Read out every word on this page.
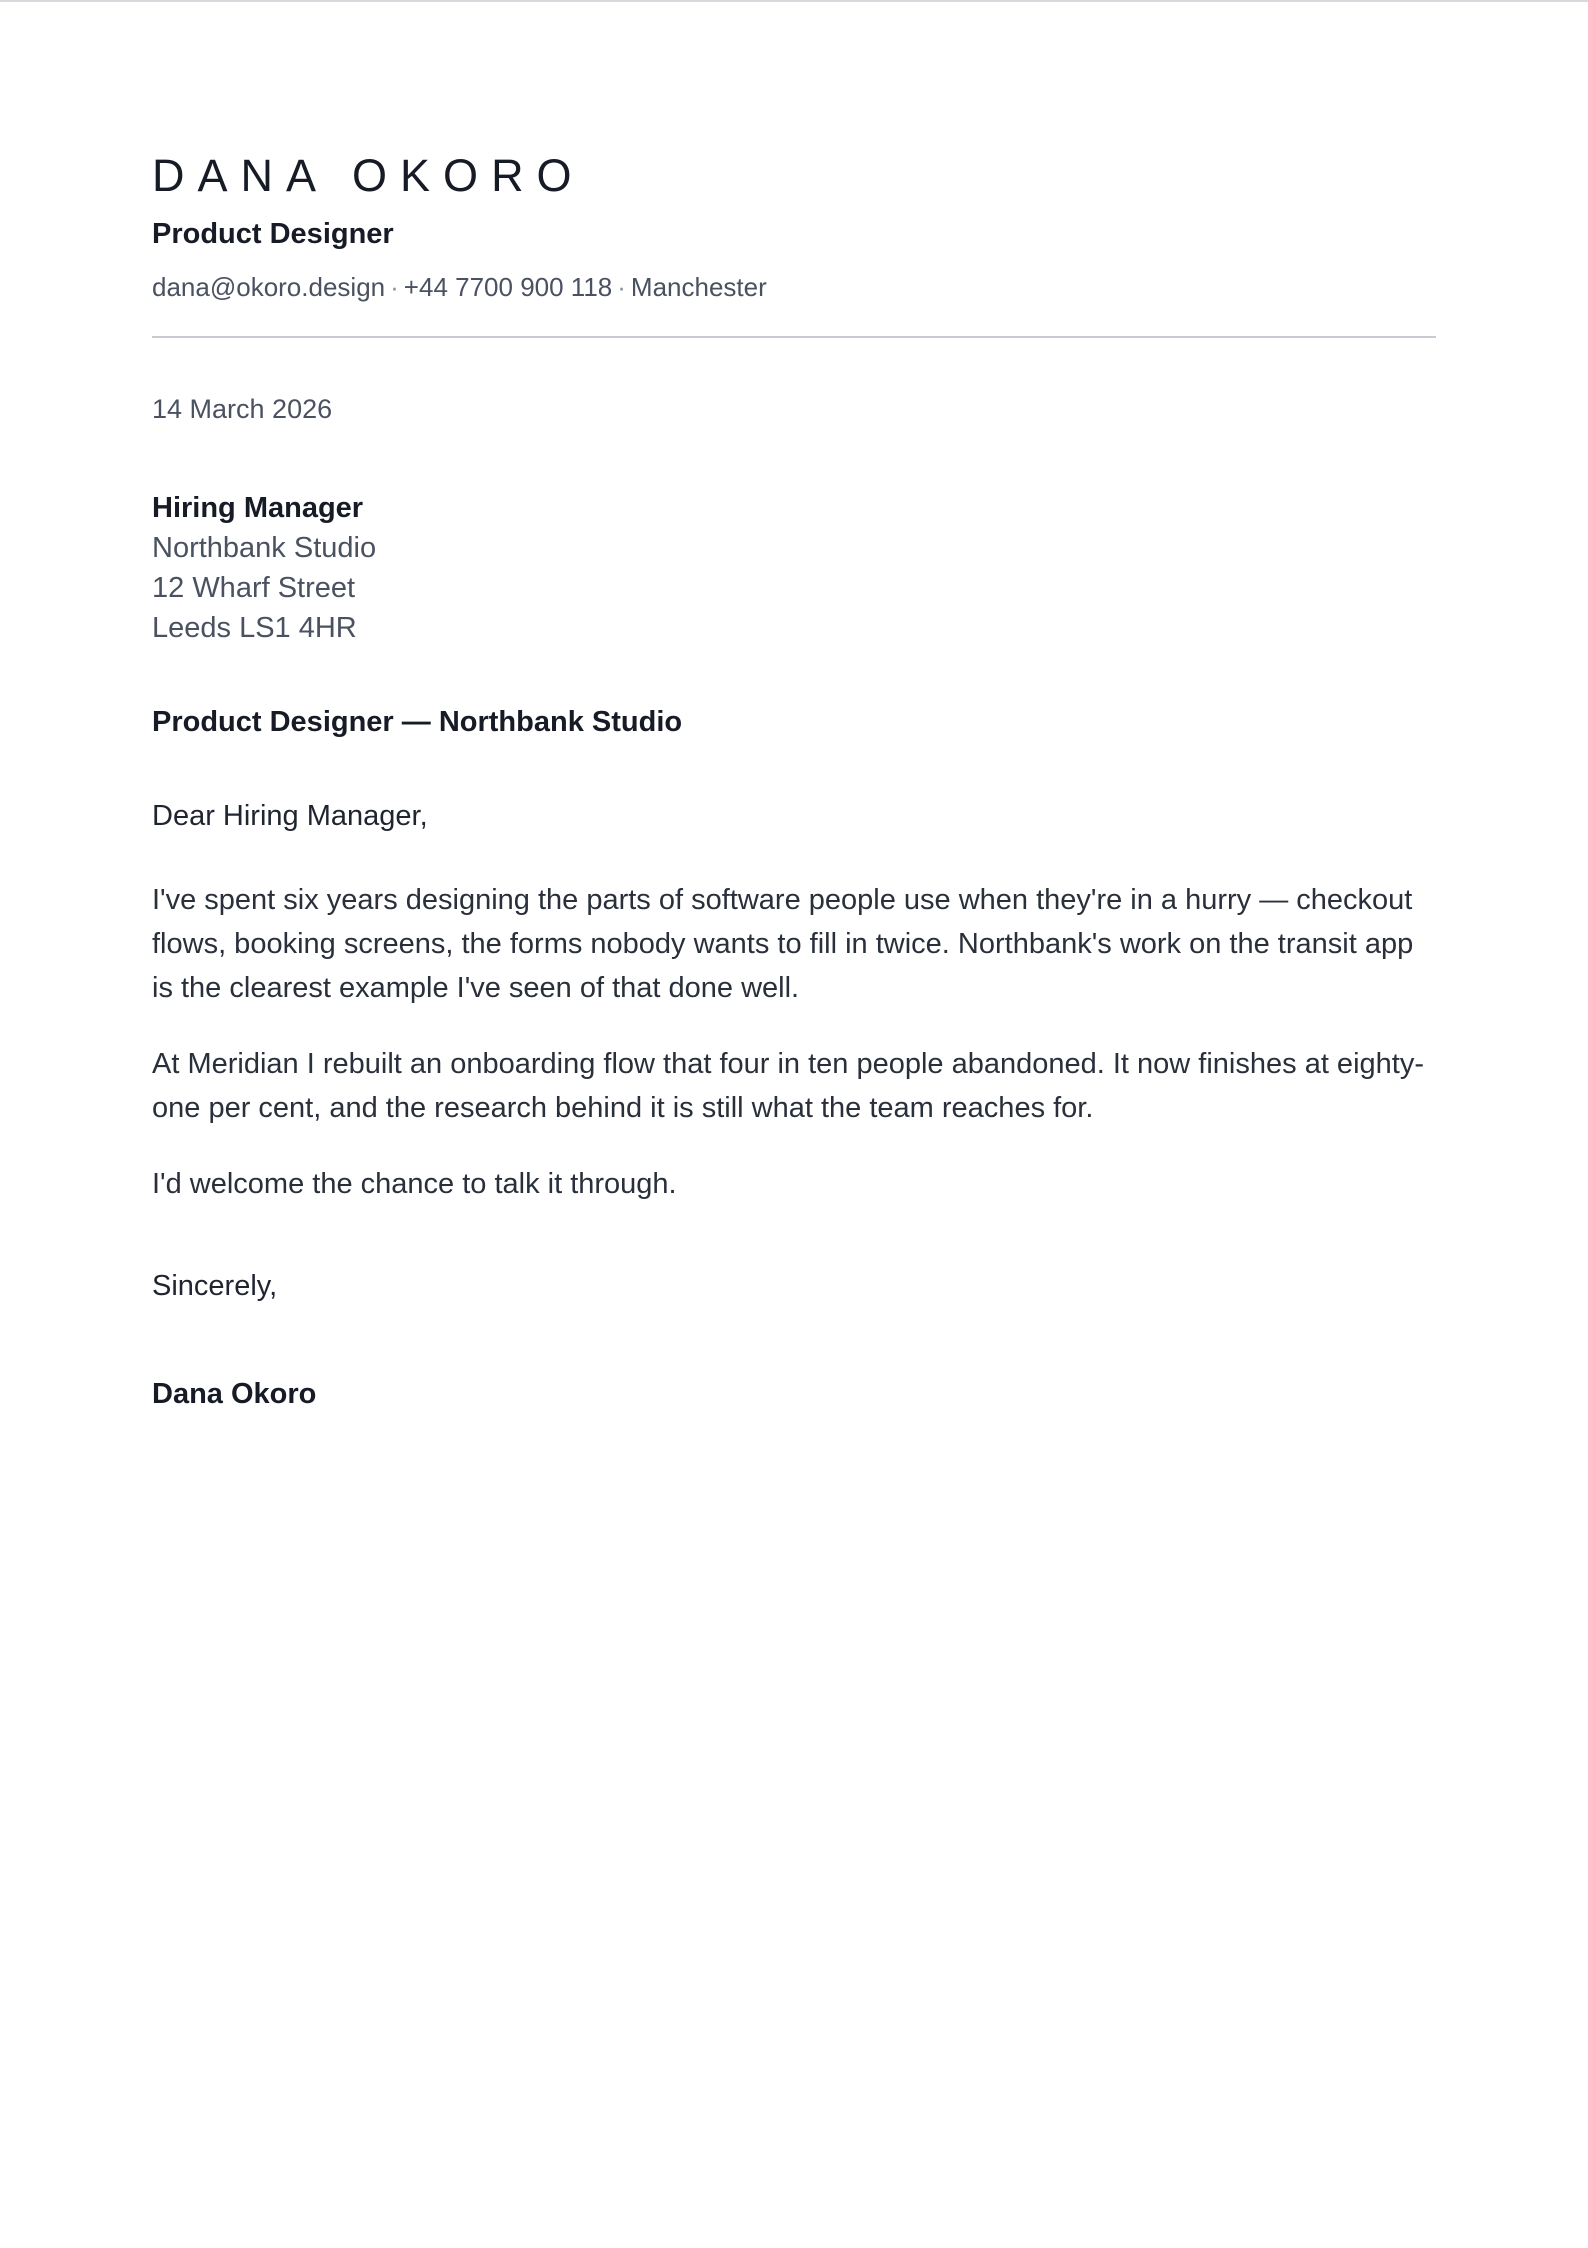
DANA OKORO
Product Designer
dana@okoro.design · +44 7700 900 118 · Manchester
14 March 2026
Hiring Manager
Northbank Studio
12 Wharf Street
Leeds LS1 4HR
Product Designer — Northbank Studio
Dear Hiring Manager,

I've spent six years designing the parts of software people use when they're in a hurry — checkout flows, booking screens, the forms nobody wants to fill in twice. Northbank's work on the transit app is the clearest example I've seen of that done well.

At Meridian I rebuilt an onboarding flow that four in ten people abandoned. It now finishes at eighty-one per cent, and the research behind it is still what the team reaches for.

I'd welcome the chance to talk it through.

Sincerely,
Dana Okoro
